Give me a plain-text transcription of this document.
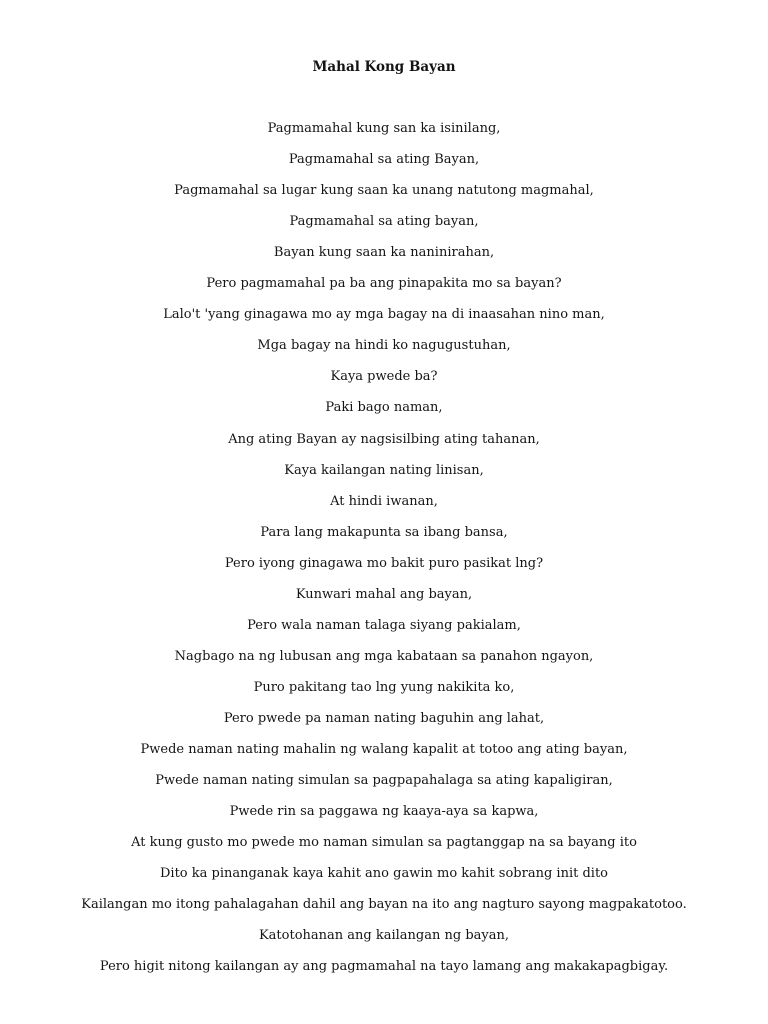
Mahal Kong Bayan
Pagmamahal kung san ka isinilang,
Pagmamahal sa ating Bayan,
Pagmamahal sa lugar kung saan ka unang natutong magmahal,
Pagmamahal sa ating bayan,
Bayan kung saan ka naninirahan,
Pero pagmamahal pa ba ang pinapakita mo sa bayan?
Lalo't 'yang ginagawa mo ay mga bagay na di inaasahan nino man,
Mga bagay na hindi ko nagugustuhan,
Kaya pwede ba?
Paki bago naman,
Ang ating Bayan ay nagsisilbing ating tahanan,
Kaya kailangan nating linisan,
At hindi iwanan,
Para lang makapunta sa ibang bansa,
Pero iyong ginagawa mo bakit puro pasikat lng?
Kunwari mahal ang bayan,
Pero wala naman talaga siyang pakialam,
Nagbago na ng lubusan ang mga kabataan sa panahon ngayon,
Puro pakitang tao lng yung nakikita ko,
Pero pwede pa naman nating baguhin ang lahat,
Pwede naman nating mahalin ng walang kapalit at totoo ang ating bayan,
Pwede naman nating simulan sa pagpapahalaga sa ating kapaligiran,
Pwede rin sa paggawa ng kaaya-aya sa kapwa,
At kung gusto mo pwede mo naman simulan sa pagtanggap na sa bayang ito
Dito ka pinanganak kaya kahit ano gawin mo kahit sobrang init dito
Kailangan mo itong pahalagahan dahil ang bayan na ito ang nagturo sayong magpakatotoo.
Katotohanan ang kailangan ng bayan,
Pero higit nitong kailangan ay ang pagmamahal na tayo lamang ang makakapagbigay.
